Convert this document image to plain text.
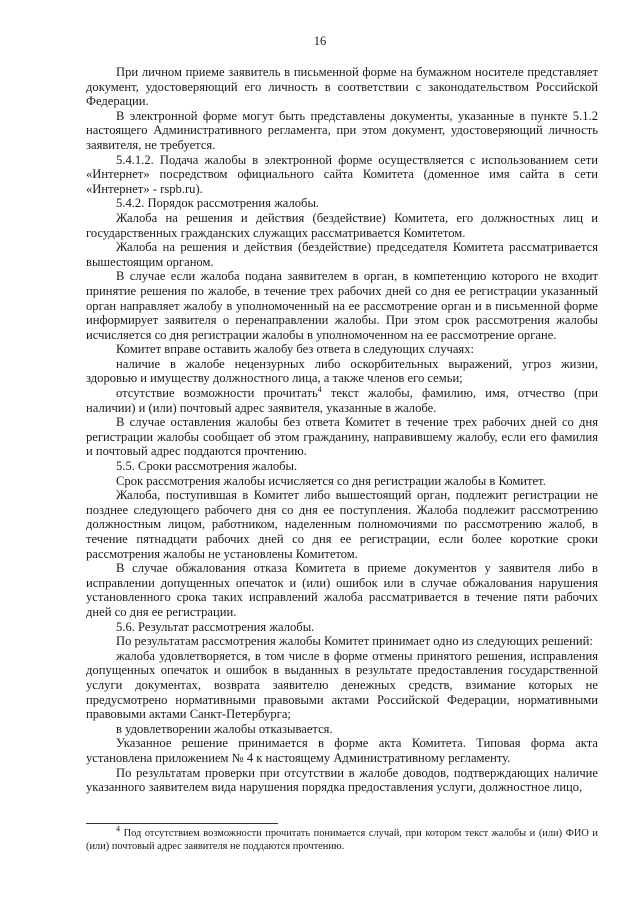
16

При личном приеме заявитель в письменной форме на бумажном носителе представляет документ, удостоверяющий его личность в соответствии с законодательством Российской Федерации.

В электронной форме могут быть представлены документы, указанные в пункте 5.1.2 настоящего Административного регламента, при этом документ, удостоверяющий личность заявителя, не требуется.

5.4.1.2. Подача жалобы в электронной форме осуществляется с использованием сети «Интернет» посредством официального сайта Комитета (доменное имя сайта в сети «Интернет» - rspb.ru).

5.4.2. Порядок рассмотрения жалобы.

Жалоба на решения и действия (бездействие) Комитета, его должностных лиц и государственных гражданских служащих рассматривается Комитетом.

Жалоба на решения и действия (бездействие) председателя Комитета рассматривается вышестоящим органом.

В случае если жалоба подана заявителем в орган, в компетенцию которого не входит принятие решения по жалобе, в течение трех рабочих дней со дня ее регистрации указанный орган направляет жалобу в уполномоченный на ее рассмотрение орган и в письменной форме информирует заявителя о перенаправлении жалобы. При этом срок рассмотрения жалобы исчисляется со дня регистрации жалобы в уполномоченном на ее рассмотрение органе.

Комитет вправе оставить жалобу без ответа в следующих случаях:

наличие в жалобе нецензурных либо оскорбительных выражений, угроз жизни, здоровью и имуществу должностного лица, а также членов его семьи;

отсутствие возможности прочитать$^4$ текст жалобы, фамилию, имя, отчество (при наличии) и (или) почтовый адрес заявителя, указанные в жалобе.

В случае оставления жалобы без ответа Комитет в течение трех рабочих дней со дня регистрации жалобы сообщает об этом гражданину, направившему жалобу, если его фамилия и почтовый адрес поддаются прочтению.

5.5. Сроки рассмотрения жалобы.

Срок рассмотрения жалобы исчисляется со дня регистрации жалобы в Комитет.

Жалоба, поступившая в Комитет либо вышестоящий орган, подлежит регистрации не позднее следующего рабочего дня со дня ее поступления. Жалоба подлежит рассмотрению должностным лицом, работником, наделенным полномочиями по рассмотрению жалоб, в течение пятнадцати рабочих дней со дня ее регистрации, если более короткие сроки рассмотрения жалобы не установлены Комитетом.

В случае обжалования отказа Комитета в приеме документов у заявителя либо в исправлении допущенных опечаток и (или) ошибок или в случае обжалования нарушения установленного срока таких исправлений жалоба рассматривается в течение пяти рабочих дней со дня ее регистрации.

5.6. Результат рассмотрения жалобы.

По результатам рассмотрения жалобы Комитет принимает одно из следующих решений:

жалоба удовлетворяется, в том числе в форме отмены принятого решения, исправления допущенных опечаток и ошибок в выданных в результате предоставления государственной услуги документах, возврата заявителю денежных средств, взимание которых не предусмотрено нормативными правовыми актами Российской Федерации, нормативными правовыми актами Санкт-Петербурга;

в удовлетворении жалобы отказывается.

Указанное решение принимается в форме акта Комитета. Типовая форма акта установлена приложением № 4 к настоящему Административному регламенту.

По результатам проверки при отсутствии в жалобе доводов, подтверждающих наличие указанного заявителем вида нарушения порядка предоставления услуги, должностное лицо,

$^4$ Под отсутствием возможности прочитать понимается случай, при котором текст жалобы и (или) ФИО и (или) почтовый адрес заявителя не поддаются прочтению.
